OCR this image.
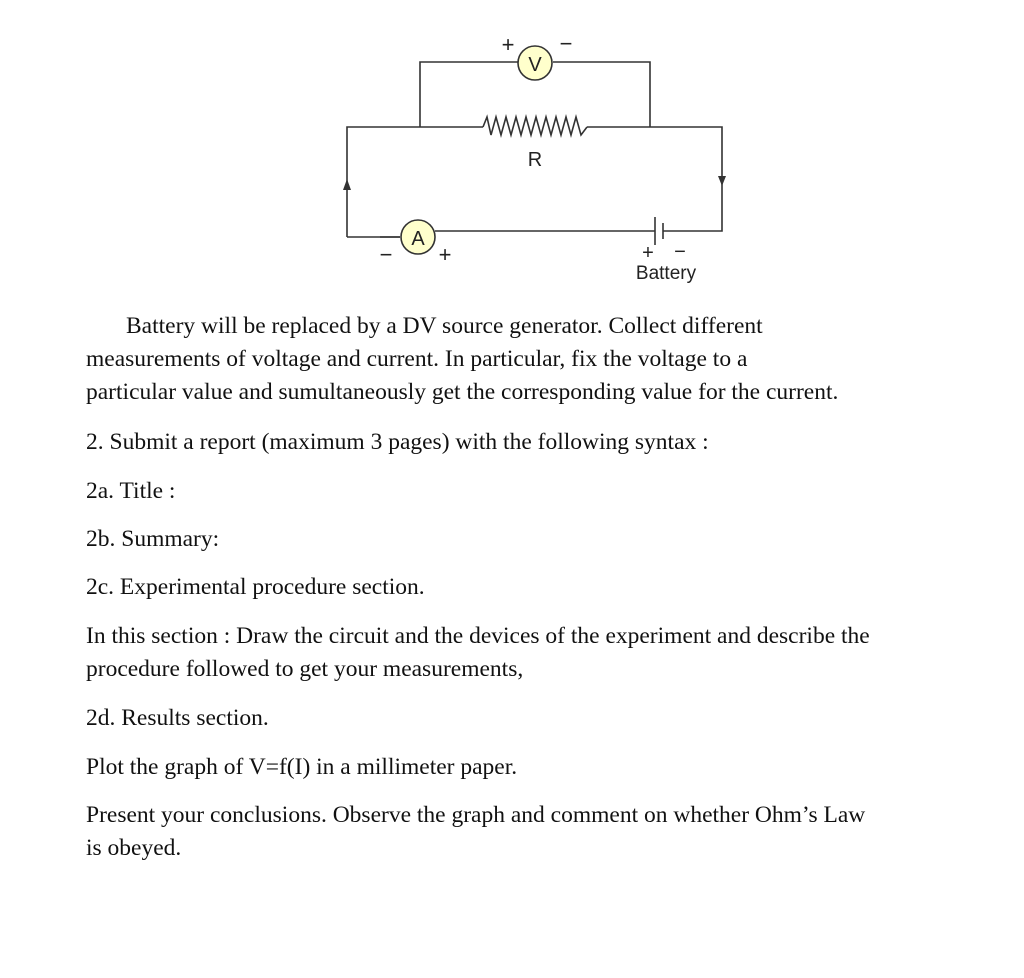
V
+ −
R
A
− +	+ −
Battery

Battery will be replaced by a DV source generator. Collect different

measurements of voltage and current. In particular, fix the voltage to a

particular value and sumultaneously get the corresponding value for the current.

2. Submit a report (maximum 3 pages) with the following syntax :

2a. Title :

2b. Summary:

2c. Experimental procedure section.

In this section : Draw the circuit and the devices of the experiment and describe the

procedure followed to get your measurements,

2d. Results section.

Plot the graph of V=f(I) in a millimeter paper.

Present your conclusions. Observe the graph and comment on whether Ohm’s Law

is obeyed.
